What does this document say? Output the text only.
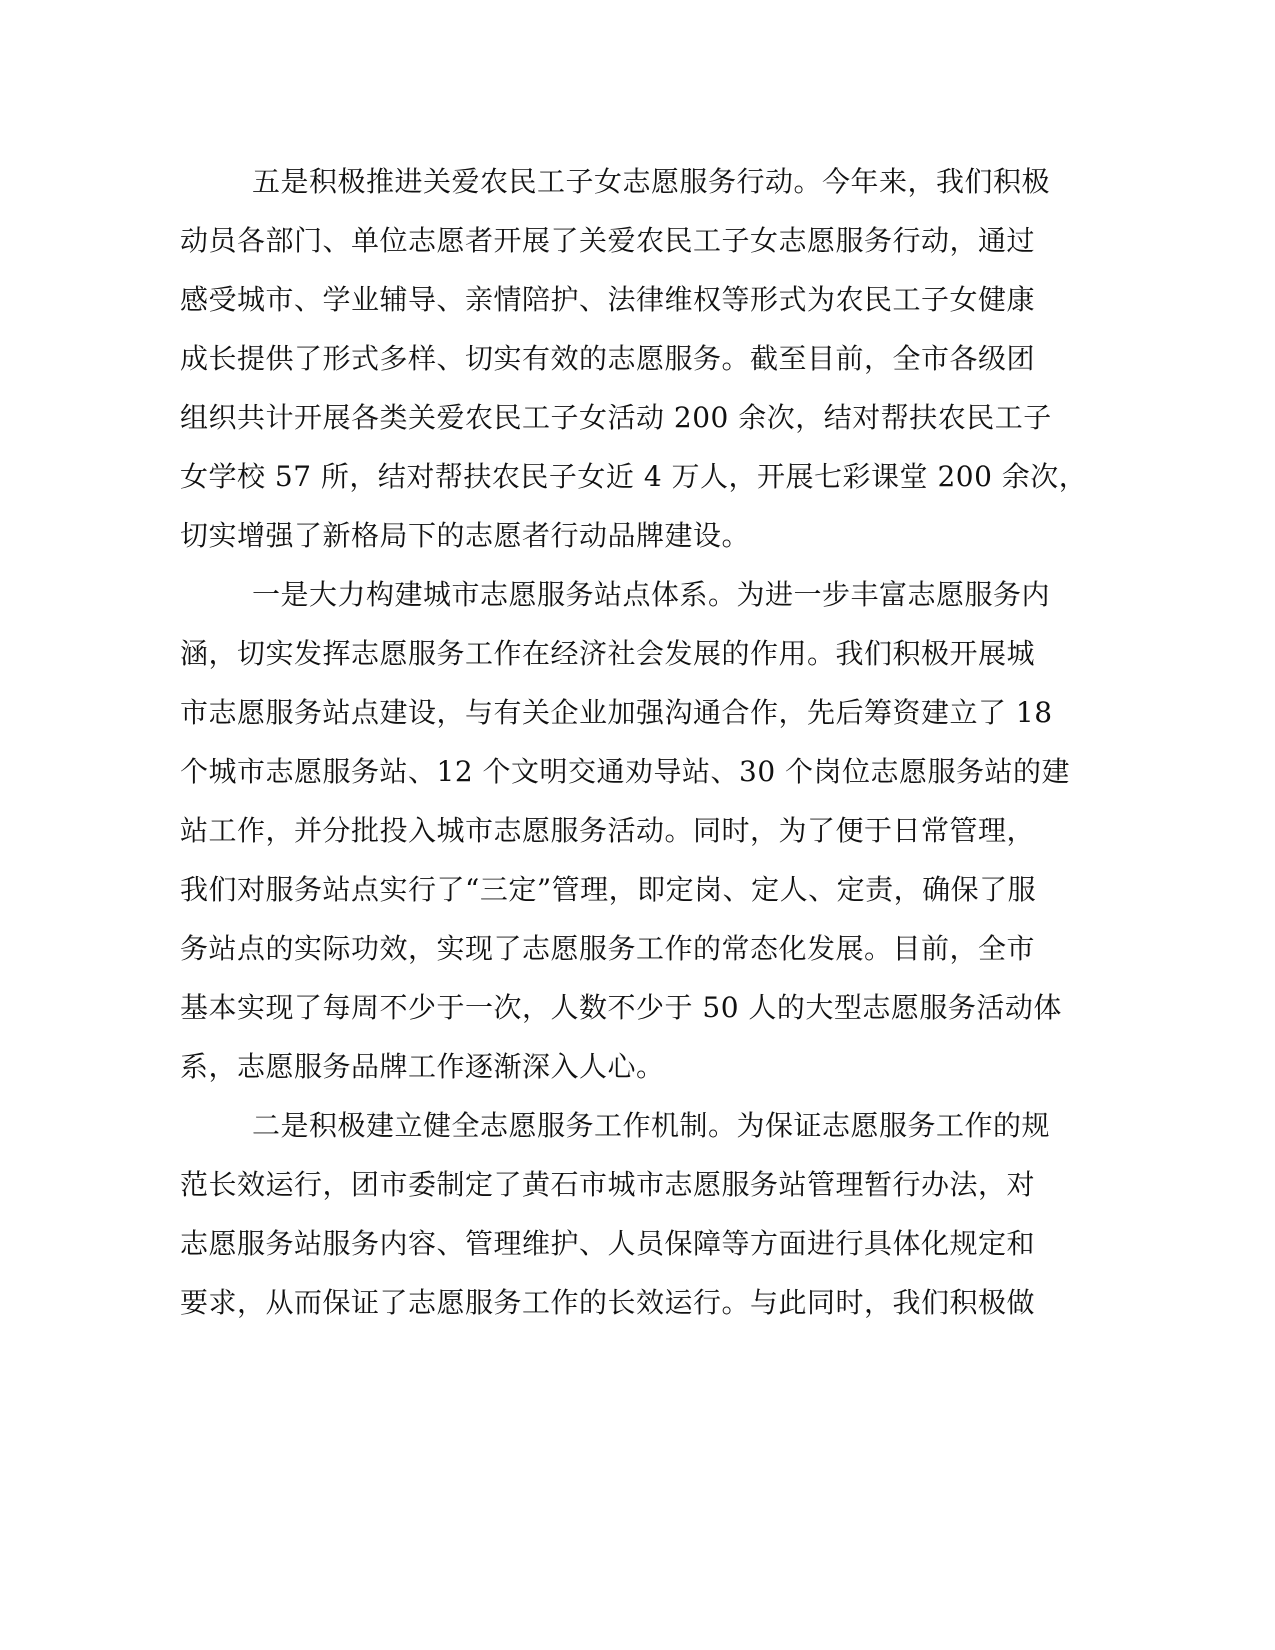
五是积极推进关爱农民工子女志愿服务行动。今年来，我们积极
动员各部门、单位志愿者开展了关爱农民工子女志愿服务行动，通过
感受城市、学业辅导、亲情陪护、法律维权等形式为农民工子女健康
成长提供了形式多样、切实有效的志愿服务。截至目前，全市各级团
组织共计开展各类关爱农民工子女活动 200 余次，结对帮扶农民工子
女学校 57 所，结对帮扶农民子女近 4 万人，开展七彩课堂 200 余次，
切实增强了新格局下的志愿者行动品牌建设。
一是大力构建城市志愿服务站点体系。为进一步丰富志愿服务内
涵，切实发挥志愿服务工作在经济社会发展的作用。我们积极开展城
市志愿服务站点建设，与有关企业加强沟通合作，先后筹资建立了 18
个城市志愿服务站、12 个文明交通劝导站、30 个岗位志愿服务站的建
站工作，并分批投入城市志愿服务活动。同时，为了便于日常管理，
我们对服务站点实行了“三定”管理，即定岗、定人、定责，确保了服
务站点的实际功效，实现了志愿服务工作的常态化发展。目前，全市
基本实现了每周不少于一次，人数不少于 50 人的大型志愿服务活动体
系，志愿服务品牌工作逐渐深入人心。
二是积极建立健全志愿服务工作机制。为保证志愿服务工作的规
范长效运行，团市委制定了黄石市城市志愿服务站管理暂行办法，对
志愿服务站服务内容、管理维护、人员保障等方面进行具体化规定和
要求，从而保证了志愿服务工作的长效运行。与此同时，我们积极做
